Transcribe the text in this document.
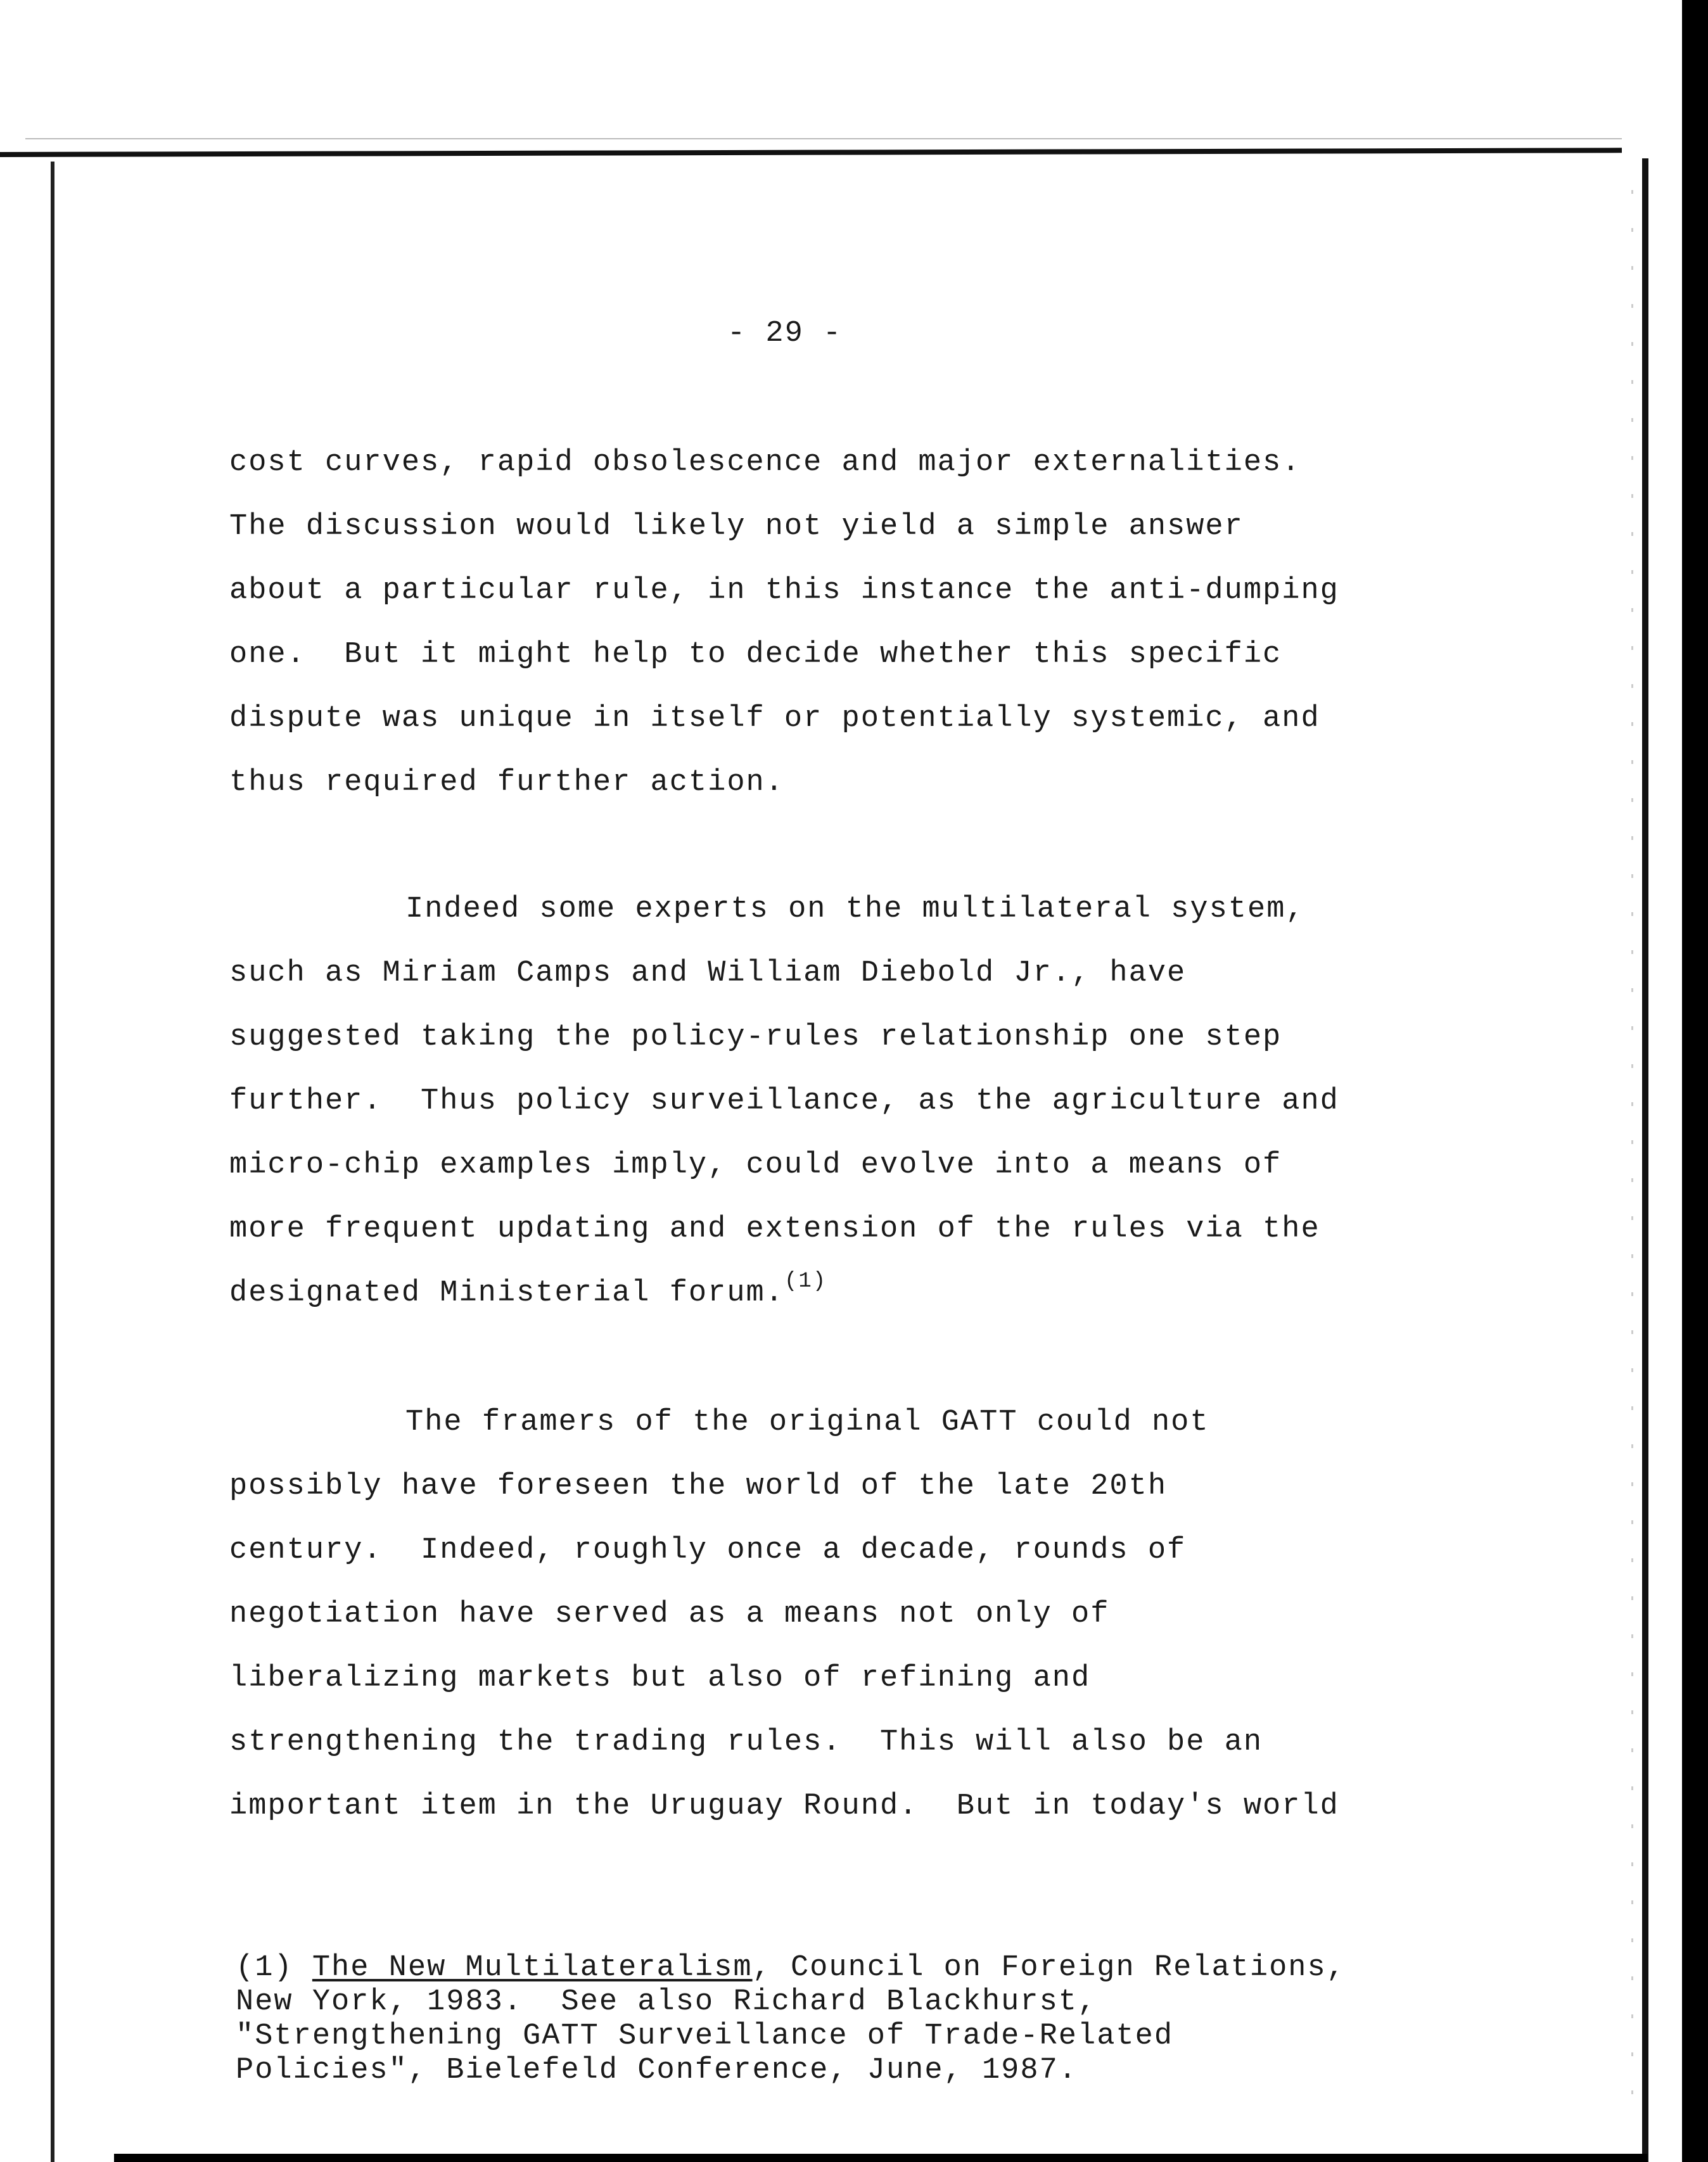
- 29 -
cost curves, rapid obsolescence and major externalities.
The discussion would likely not yield a simple answer
about a particular rule, in this instance the anti-dumping
one.  But it might help to decide whether this specific
dispute was unique in itself or potentially systemic, and
thus required further action.
Indeed some experts on the multilateral system,
such as Miriam Camps and William Diebold Jr., have
suggested taking the policy-rules relationship one step
further.  Thus policy surveillance, as the agriculture and
micro-chip examples imply, could evolve into a means of
more frequent updating and extension of the rules via the
designated Ministerial forum.$^{(1)}$
The framers of the original GATT could not
possibly have foreseen the world of the late 20th
century.  Indeed, roughly once a decade, rounds of
negotiation have served as a means not only of
liberalizing markets but also of refining and
strengthening the trading rules.  This will also be an
important item in the Uruguay Round.  But in today's world
(1) The New Multilateralism, Council on Foreign Relations,
New York, 1983.  See also Richard Blackhurst,
"Strengthening GATT Surveillance of Trade-Related
Policies", Bielefeld Conference, June, 1987.
